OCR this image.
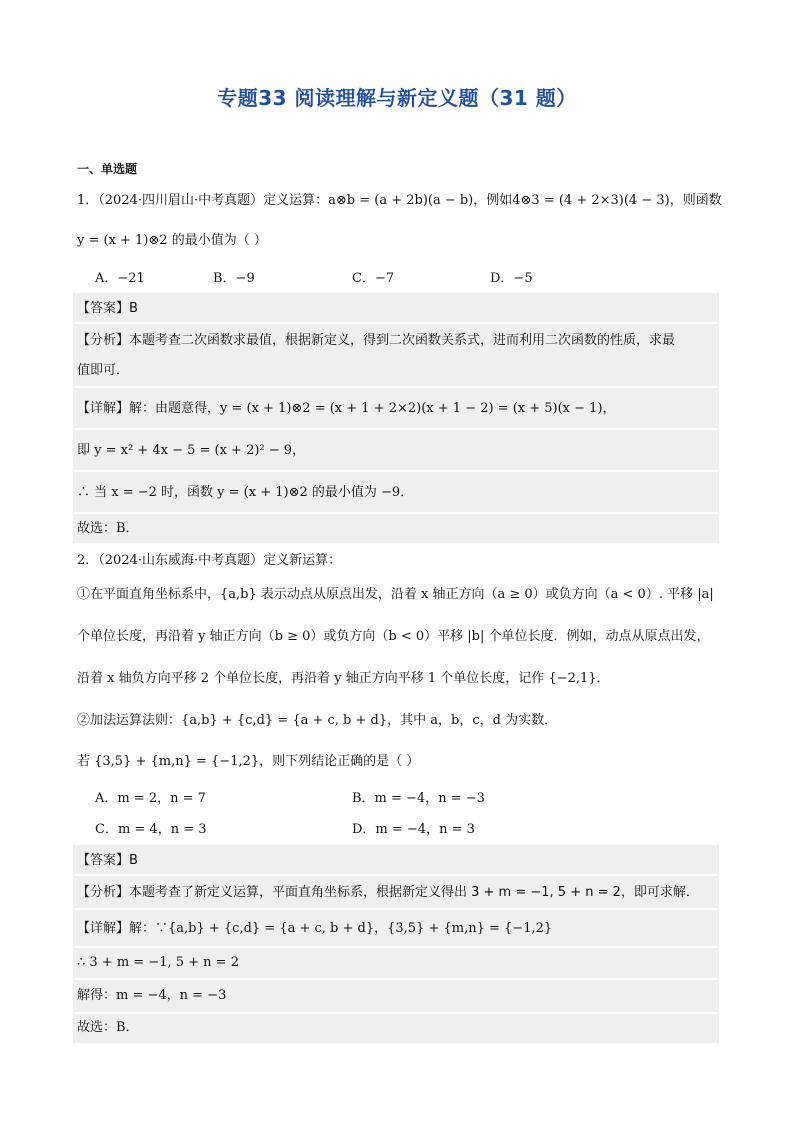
专题33 阅读理解与新定义题（31 题）
一、单选题
1．（2024·四川眉山·中考真题）定义运算：a⊗b = (a + 2b)(a − b)，例如4⊗3 = (4 + 2×3)(4 − 3)，则函数
y = (x + 1)⊗2 的最小值为（ ）
A．−21	B．−9	C．−7	D．−5
【答案】B
【分析】本题考查二次函数求最值，根据新定义，得到二次函数关系式，进而利用二次函数的性质，求最
值即可．
【详解】解：由题意得，y = (x + 1)⊗2 = (x + 1 + 2×2)(x + 1 − 2) = (x + 5)(x − 1)，
即 y = x² + 4x − 5 = (x + 2)² − 9，
∴ 当 x = −2 时，函数 y = (x + 1)⊗2 的最小值为 −9．
故选：B．
2．（2024·山东威海·中考真题）定义新运算：
①在平面直角坐标系中，{a,b} 表示动点从原点出发，沿着 x 轴正方向（a ≥ 0）或负方向（a < 0）. 平移 |a|
个单位长度，再沿着 y 轴正方向（b ≥ 0）或负方向（b < 0）平移 |b| 个单位长度．例如，动点从原点出发，
沿着 x 轴负方向平移 2 个单位长度，再沿着 y 轴正方向平移 1 个单位长度，记作 {−2,1}．
②加法运算法则：{a,b} + {c,d} = {a + c, b + d}，其中 a，b，c，d 为实数．
若 {3,5} + {m,n} = {−1,2}，则下列结论正确的是（ ）
A．m = 2，n = 7	B．m = −4，n = −3
C．m = 4，n = 3	D．m = −4，n = 3
【答案】B
【分析】本题考查了新定义运算，平面直角坐标系，根据新定义得出 3 + m = −1, 5 + n = 2，即可求解．
【详解】解：∵{a,b} + {c,d} = {a + c, b + d}，{3,5} + {m,n} = {−1,2}
∴ 3 + m = −1, 5 + n = 2
解得：m = −4，n = −3
故选：B．
